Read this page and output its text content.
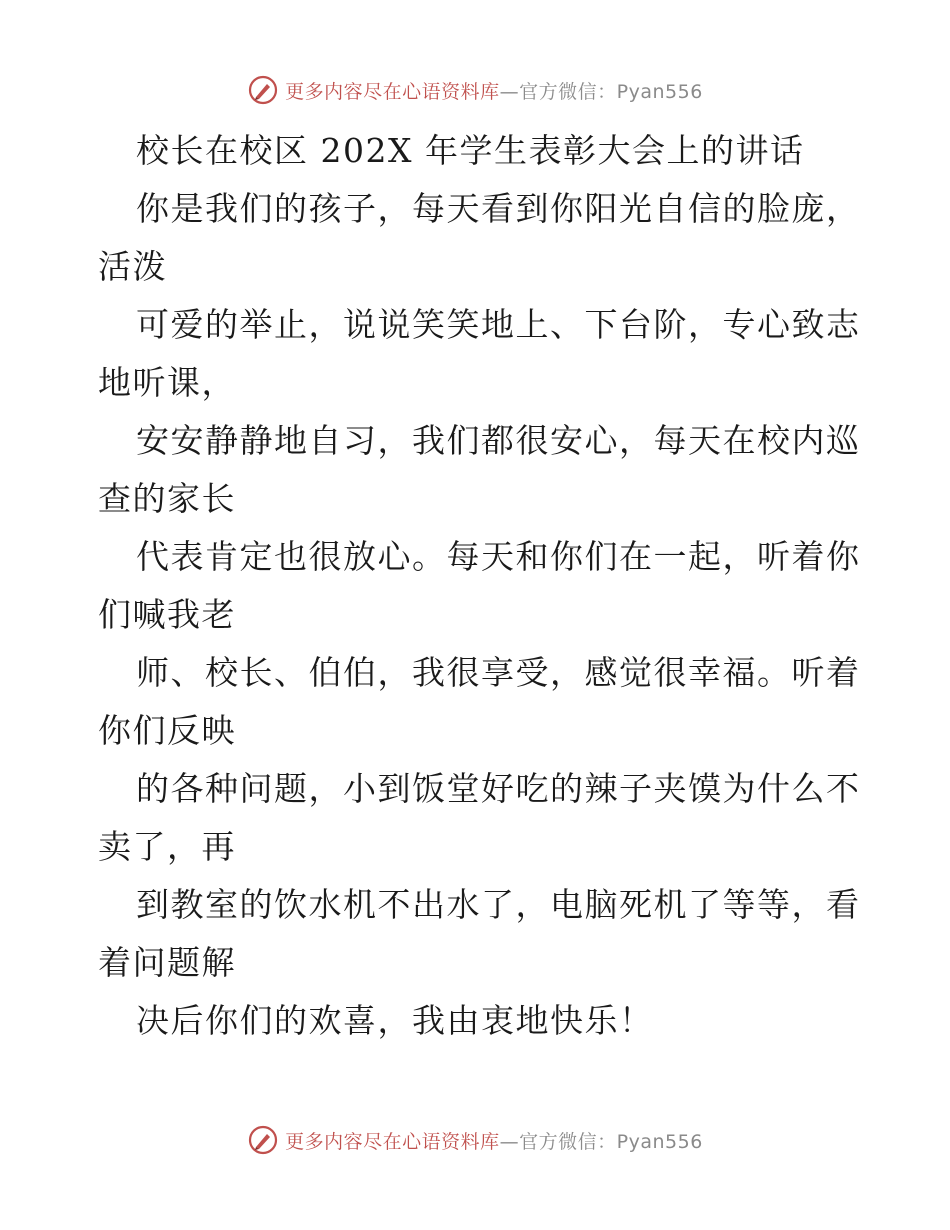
更多内容尽在心语资料库—官方微信：Pyan556
校长在校区 202X 年学生表彰大会上的讲话
你是我们的孩子，每天看到你阳光自信的脸庞，
活泼
可爱的举止，说说笑笑地上、下台阶，专心致志
地听课，
安安静静地自习，我们都很安心，每天在校内巡
查的家长
代表肯定也很放心。每天和你们在一起，听着你
们喊我老
师、校长、伯伯，我很享受，感觉很幸福。听着
你们反映
的各种问题，小到饭堂好吃的辣子夹馍为什么不
卖了，再
到教室的饮水机不出水了，电脑死机了等等，看
着问题解
决后你们的欢喜，我由衷地快乐！
更多内容尽在心语资料库—官方微信：Pyan556
